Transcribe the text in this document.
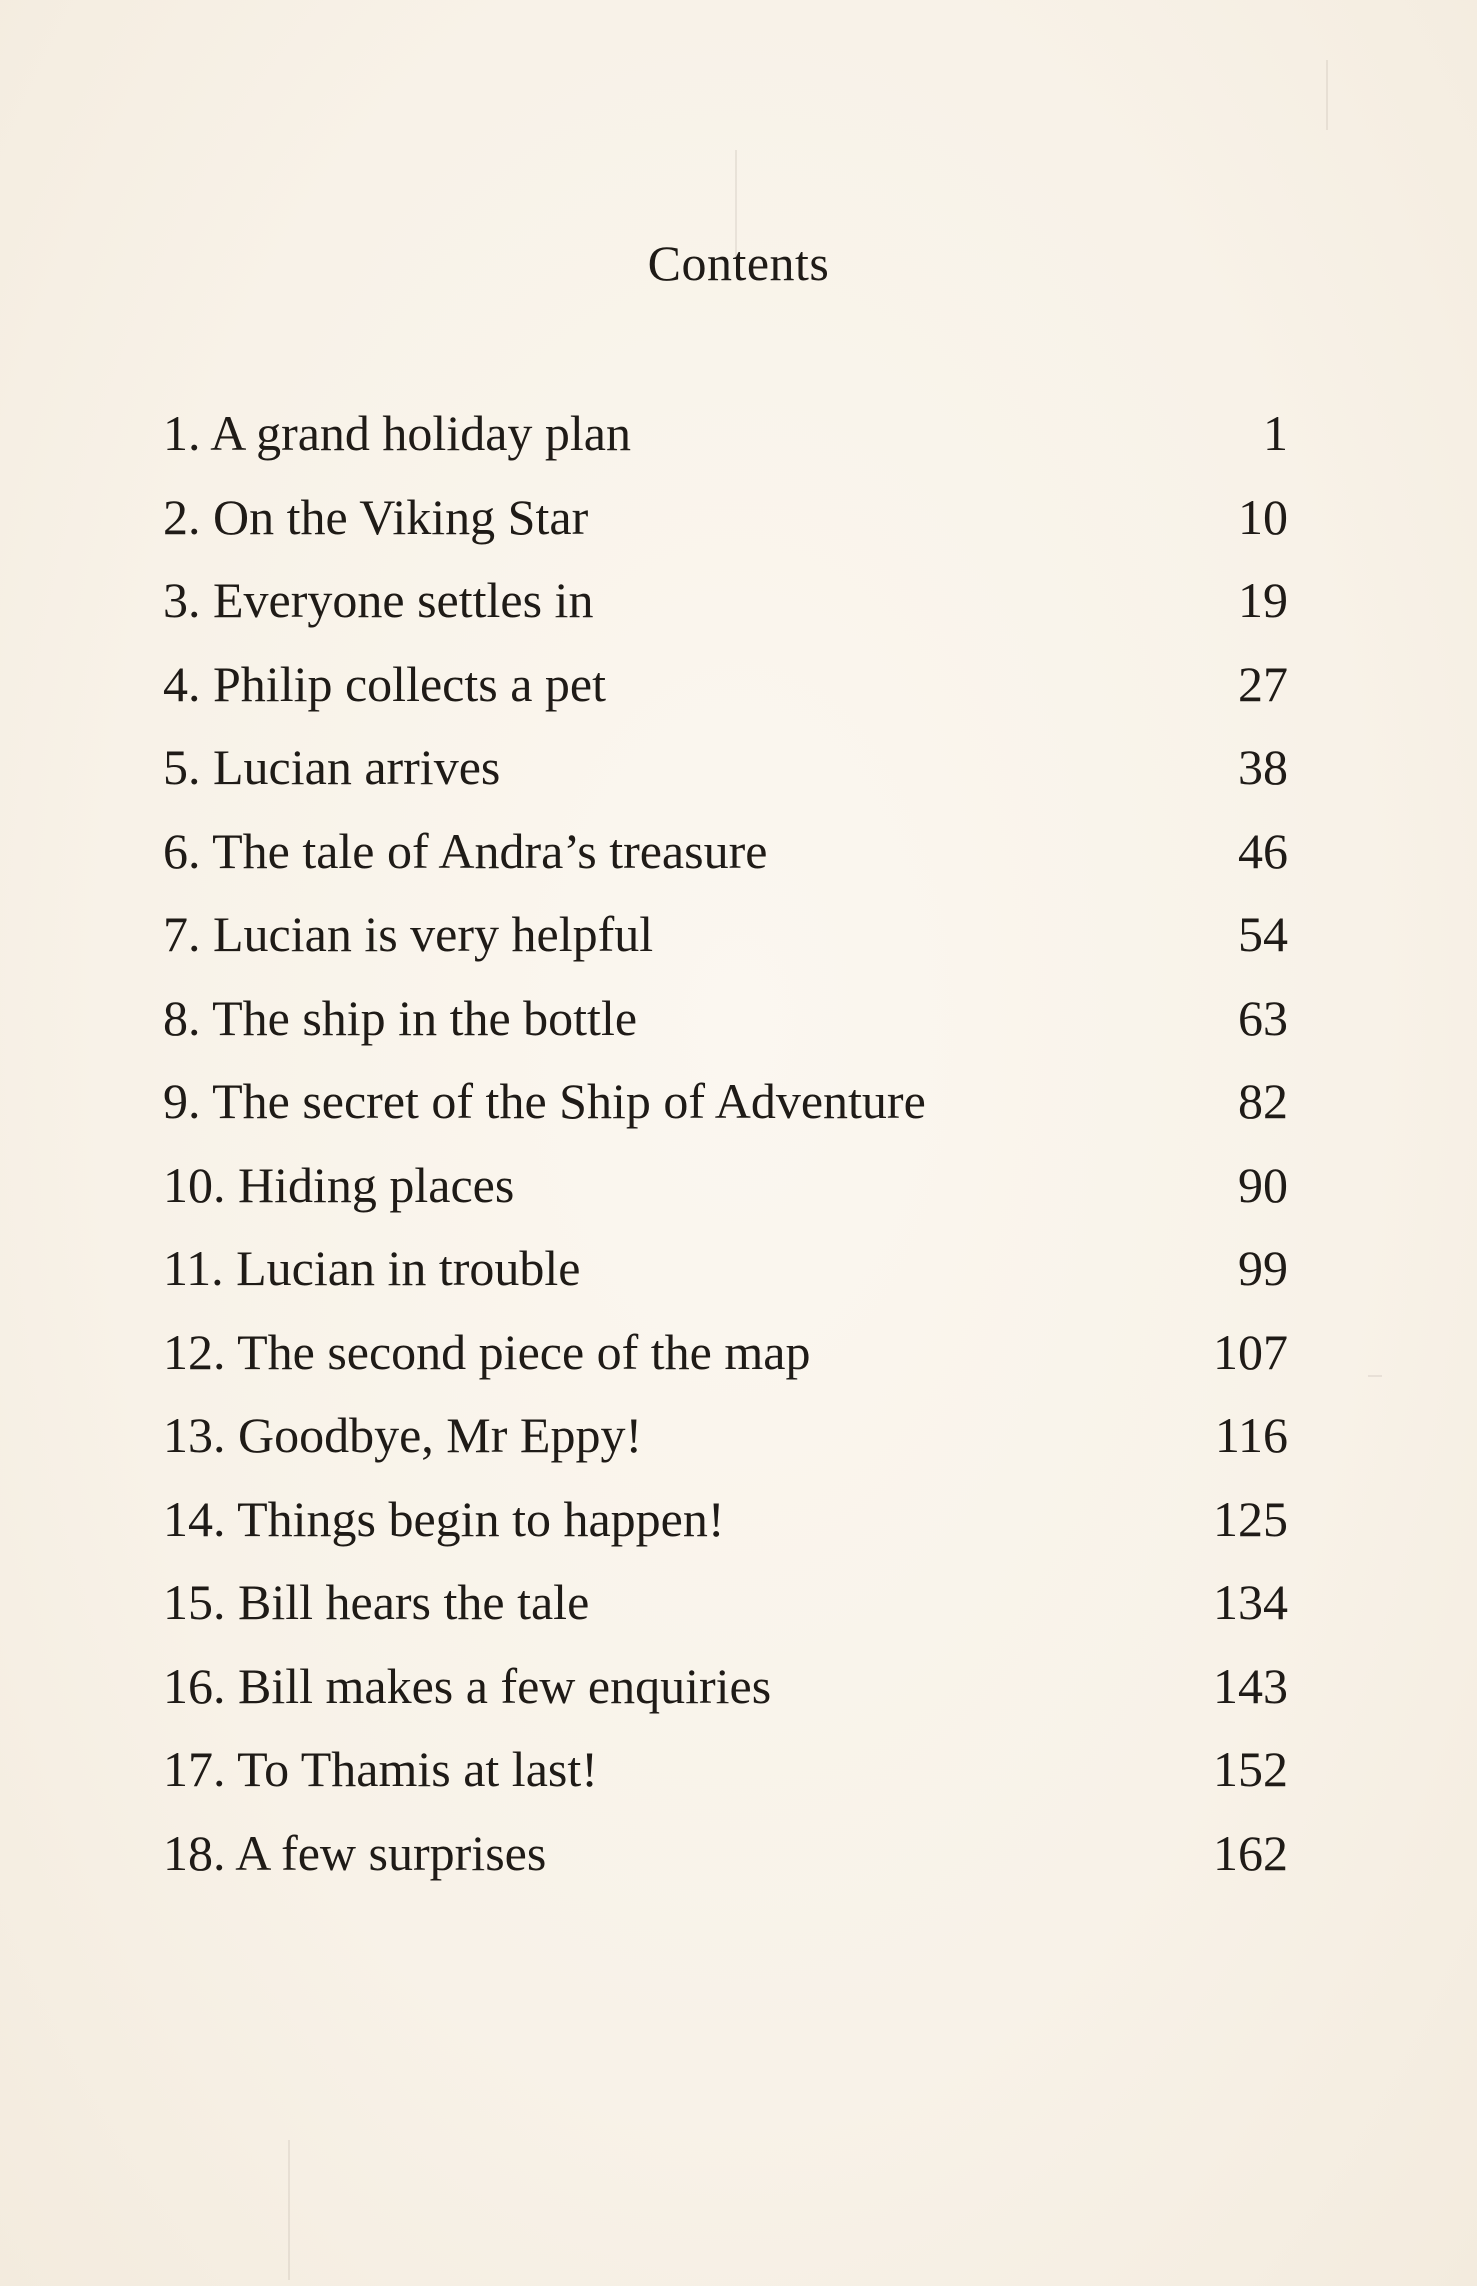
Contents
1. A grand holiday plan	1
2. On the Viking Star	10
3. Everyone settles in	19
4. Philip collects a pet	27
5. Lucian arrives	38
6. The tale of Andra’s treasure	46
7. Lucian is very helpful	54
8. The ship in the bottle	63
9. The secret of the Ship of Adventure	82
10. Hiding places	90
11. Lucian in trouble	99
12. The second piece of the map	107
13. Goodbye, Mr Eppy!	116
14. Things begin to happen!	125
15. Bill hears the tale	134
16. Bill makes a few enquiries	143
17. To Thamis at last!	152
18. A few surprises	162
